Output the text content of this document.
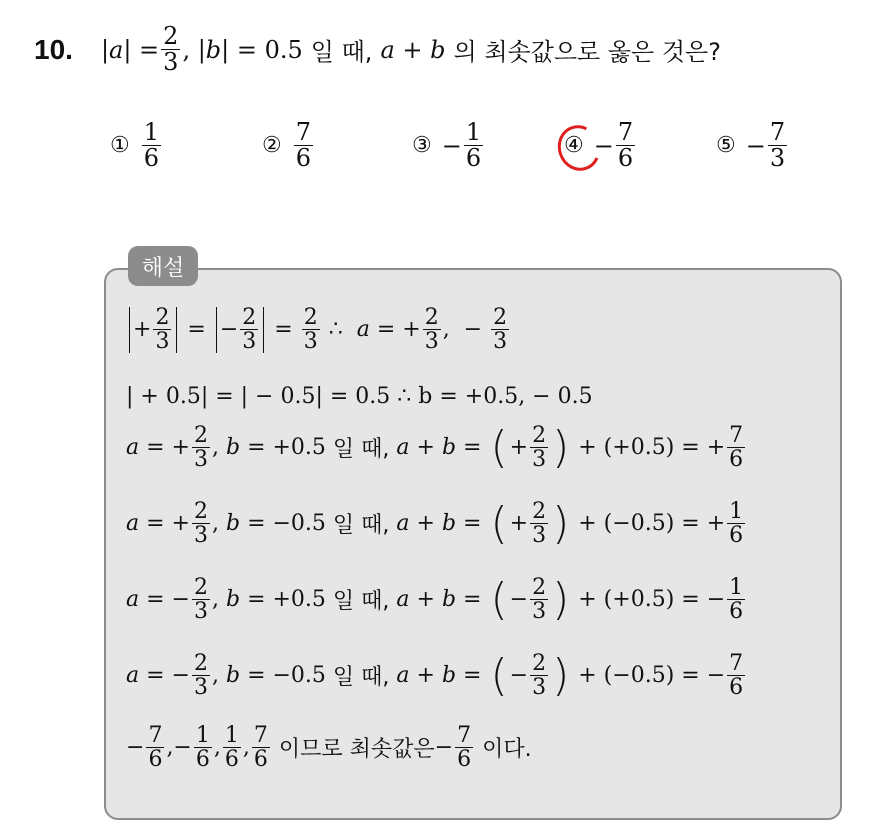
10. $|a| = \frac{2}{3}$ , |b| = 0.5 일 때, a + b 의 최솟값으로 옳은 것은?
① $\frac{1}{6}$	② $\frac{7}{6}$	③ − $\frac{1}{6}$	④ − $\frac{7}{6}$	⑤ − $\frac{7}{3}$
해설
+ $\frac{2}{3}$ =
− $\frac{2}{3} = \frac{2}{3}$ ∴ a = + $\frac{2}{3}$ ,  − $\frac{2}{3}$
| + 0.5| = | − 0.5| = 0.5 ∴ b = +0.5, − 0.5
a = + $\frac{2}{3}$ , b = +0.5 일 때,
a + b = ( + $\frac{2}{3}$ ) + (+0.5) = + $\frac{7}{6}$
a = + $\frac{2}{3}$ , b = −0.5 일 때,
a + b = ( + $\frac{2}{3}$ ) + (−0.5) = + $\frac{1}{6}$
a = − $\frac{2}{3}$ , b = +0.5 일 때,
a + b = ( − $\frac{2}{3}$ ) + (+0.5) = − $\frac{1}{6}$
a = − $\frac{2}{3}$ , b = −0.5 일 때,
a + b = ( − $\frac{2}{3}$ ) + (−0.5) = − $\frac{7}{6}$
− $\frac{7}{6}$ ,− $\frac{1}{6}$ , $\frac{1}{6}$ , $\frac{7}{6}$
이므로 최솟값은 − $\frac{7}{6}$
이다.
